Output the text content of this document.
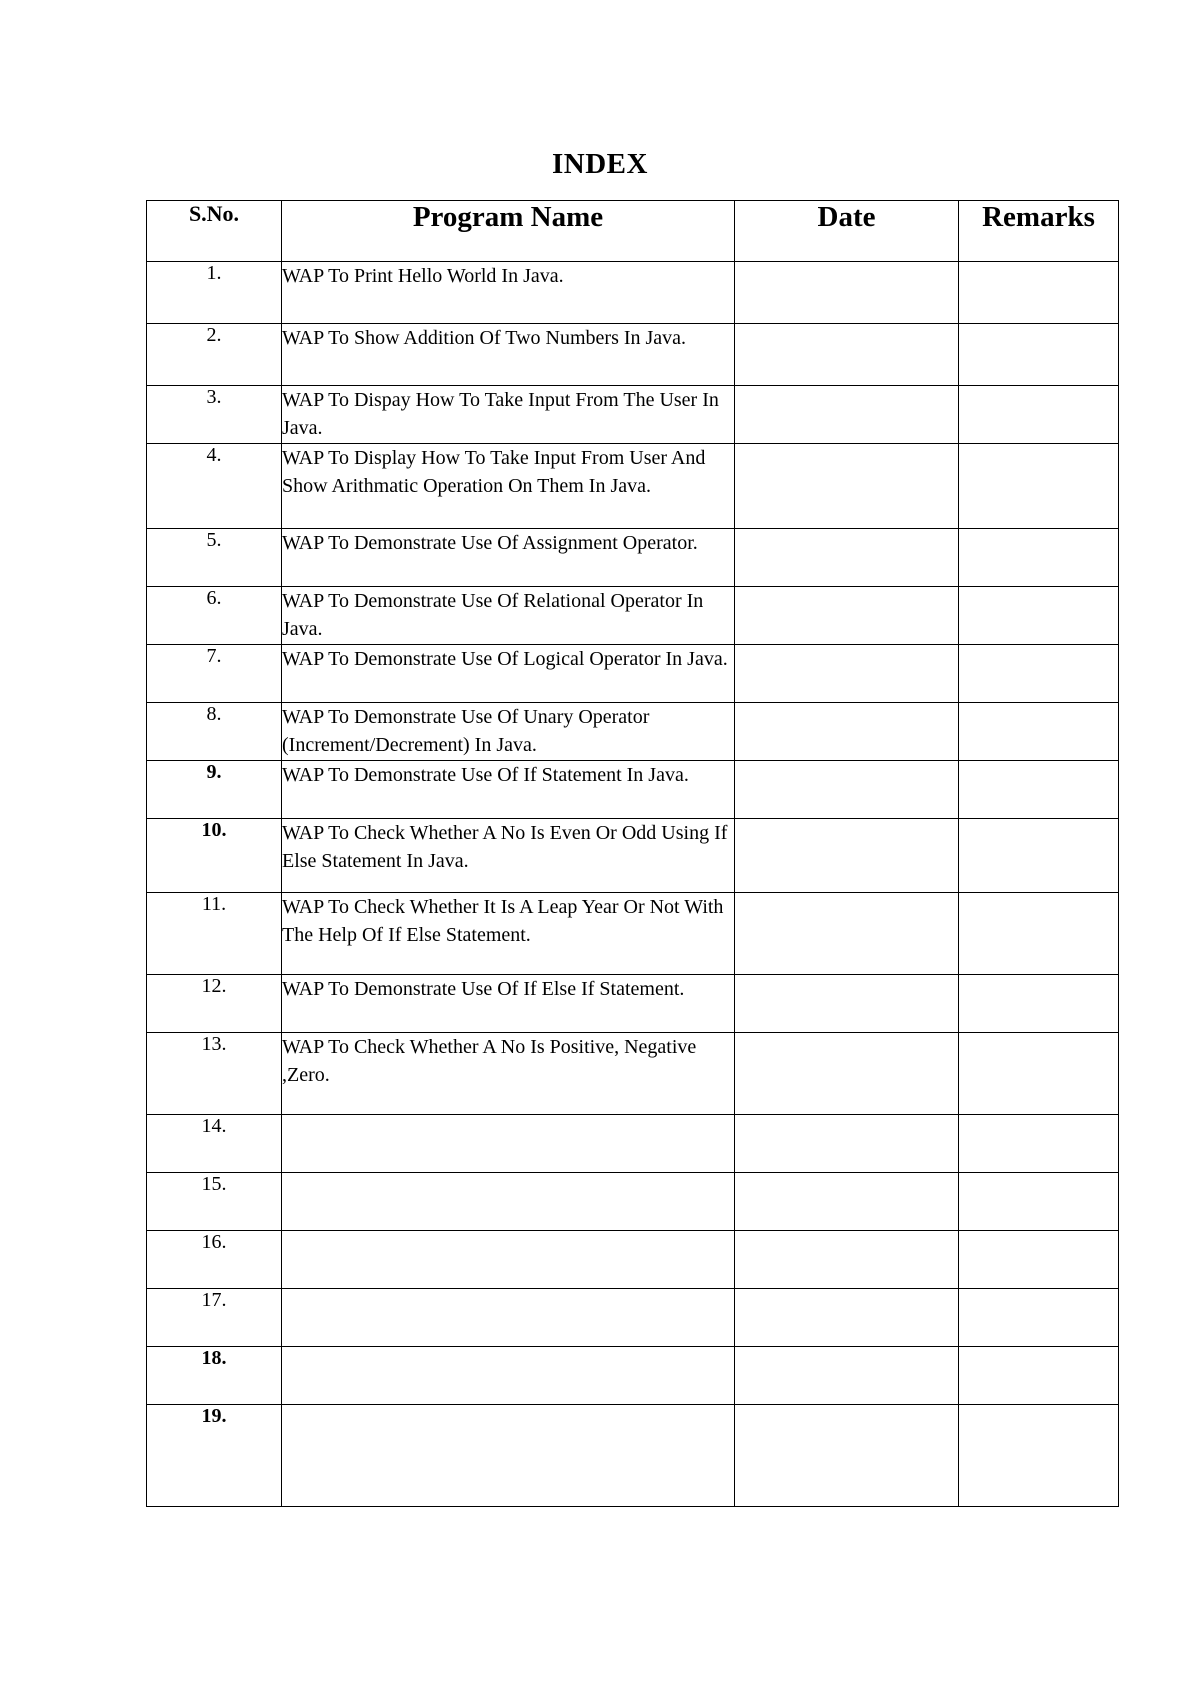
INDEX
S.No.	Program Name	Date	Remarks
1.	WAP To Print Hello World In Java.		
2.	WAP To Show Addition Of Two Numbers In Java.		
3.	WAP To Dispay How To Take Input From The User In Java.		
4.	WAP To Display How To Take Input From User And Show Arithmatic Operation On Them In Java.		
5.	WAP To Demonstrate Use Of Assignment Operator.		
6.	WAP To Demonstrate Use Of Relational Operator In Java.		
7.	WAP To Demonstrate Use Of Logical Operator In Java.		
8.	WAP To Demonstrate Use Of Unary Operator (Increment/Decrement) In Java.		
9.	WAP To Demonstrate Use Of If Statement In Java.		
10.	WAP To Check Whether A No Is Even Or Odd Using If Else Statement In Java.		
11.	WAP To Check Whether It Is A Leap Year Or Not With The Help Of If Else Statement.		
12.	WAP To Demonstrate Use Of If Else If Statement.		
13.	WAP To Check Whether A No Is Positive, Negative ,Zero.		
14.			
15.			
16.			
17.			
18.			
19.			
